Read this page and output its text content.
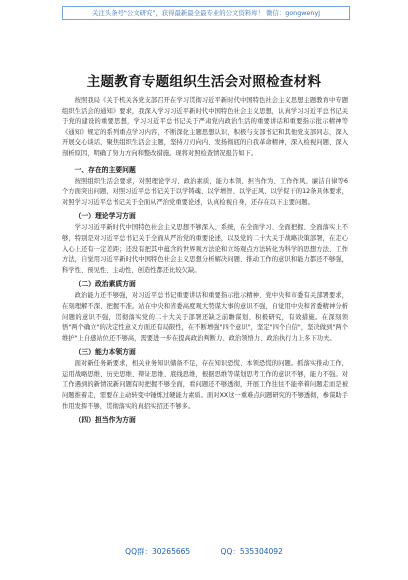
关注头条号"公文研究"，获得最新最全最专业的公文资料库！ 微信：gongwenyj
主题教育专题组织生活会对照检查材料

按照我局《关于机关各党支部召开在学习贯彻习近平新时代中国特色社会主义思想主题教育中专题组织生活会的通知》要求，我深入学习习近平新时代中国特色社会主义思想，认真学习习近平总书记关于党的建设的重要思想，学习习近平总书记关于严肃党内政治生活的重要讲话和重要指示批示精神等《通知》规定的系列重点学习内容，不断深化主题思想认识，积极与支部书记和其他党支部同志，深入开展交心谈话，聚焦组织生活会主题，坚持刀刃向内、发扬彻底的自我革命精神，深入检视问题、深入剖析原因，明确了努力方向和整改措施。现将对照检查情况报告如下。

一、存在的主要问题

按照组织生活会要求，对照理论学习、政治素质、能力本领、担当作为、工作作风、廉洁自律等6个方面突出问题，对照习近平总书记关于以学铸魂、以学增智、以学正风、以学促干的12条具体要求，对照学习习近平总书记关于全面从严治党重要论述，认真检视自身，还存在以下主要问题。

（一）理论学习方面

学习习近平新时代中国特色社会主义思想不够深入、系统，在全面学习、全面把握、全面落实上不够，特别是对习近平总书记关于全面从严治党的重要论述，以及党的二十大关于战略决策部署，在走心入心上还有一定差距；还没有把其中蕴含的世界观方法论和立场观点方法转化为科学的思想方法、工作方法，自觉用习近平新时代中国特色社会主义思想分析解决问题、推动工作的意识和能力都还不够强，科学性、预见性、主动性、创造性都还比较欠缺。

（二）政治素质方面

政治能力还不够强，对习近平总书记重要讲话和重要指示批示精神、党中央和市委有关部署要求，在刻理解不深、把握不准。站在中央和省委高度观大势谋大事的意识不强，自觉用中央和省委精神分析问题的意识不强，贯彻落实党的二十大关于部署还缺乏前瞻谋划、积极研究，有效措施。在深刻领悟"两个确立"的决定性意义方面还有局限性，在不断增强"四个意识"，坚定"四个自信"，坚决做到"两个维护"上自感站位还不够高，需要进一步在提高政治判断力、政治领悟力、政治执行力上多下功夫。

（三）能力本领方面

面对新任务新要求，相关业务知识储备不足，存在知识恐慌、本领恐慌的问题。抓落实推动工作，运用战略思维、历史思维、辩证思维、底线思维，根据思维等谋划思考工作的意识不够，能力不强。对工作遇到的新情况新问题有时把握不够全面，看问题还不够透彻，开展工作往往不能牵着问题走而是被问题推着走，需要在主动转变中锤炼过硬能力素质。面对XX这一重难点问题研究的不够透彻，参谋助手作用发挥不够，贯彻落实的真招实招还不够多。

（四）担当作为方面
QQ群：30265665	QQ：535304092
